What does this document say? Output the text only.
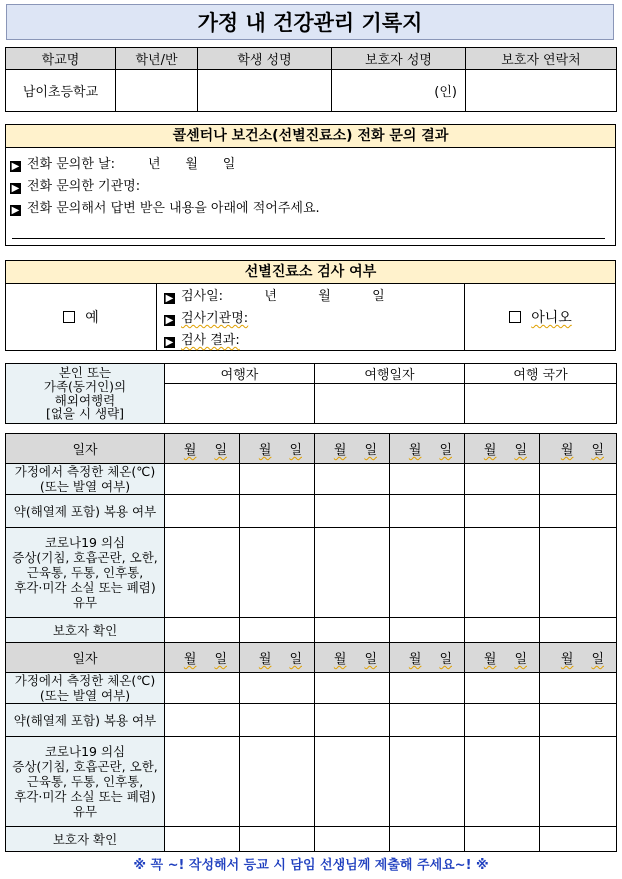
가정 내 건강관리 기록지
학교명	학년/반	학생 성명	보호자 성명	보호자 연락처
남이초등학교			(인)	
콜센터나 보건소(선별진료소) 전화 문의 결과
▶ 전화 문의한 날:        년      월      일
▶ 전화 문의한 기관명:
▶ 전화 문의해서 답변 받은 내용을 아래에 적어주세요.
선별진료소 검사 여부
예
▶ 검사일:          년          월          일
▶ 검사기관명:
▶ 검사 결과:
아니오
본인 또는
가족(동거인)의
해외여행력
[없을 시 생략]	여행자	여행일자	여행 국가

일자	월 일	월 일	월 일	월 일	월 일	월 일

가정에서 측정한 체온(℃)
(또는 발열 여부)						

약(해열제 포함) 복용 여부						

코로나19 의심
증상(기침, 호흡곤란, 오한,
근육통, 두통, 인후통,
후각·미각 소실 또는 폐렴)
유무						

보호자 확인						

일자	월 일	월 일	월 일	월 일	월 일	월 일

가정에서 측정한 체온(℃)
(또는 발열 여부)						

약(해열제 포함) 복용 여부						

코로나19 의심
증상(기침, 호흡곤란, 오한,
근육통, 두통, 인후통,
후각·미각 소실 또는 폐렴)
유무						

보호자 확인						

※ 꼭 ~! 작성해서 등교 시 담임 선생님께 제출해 주세요~! ※
